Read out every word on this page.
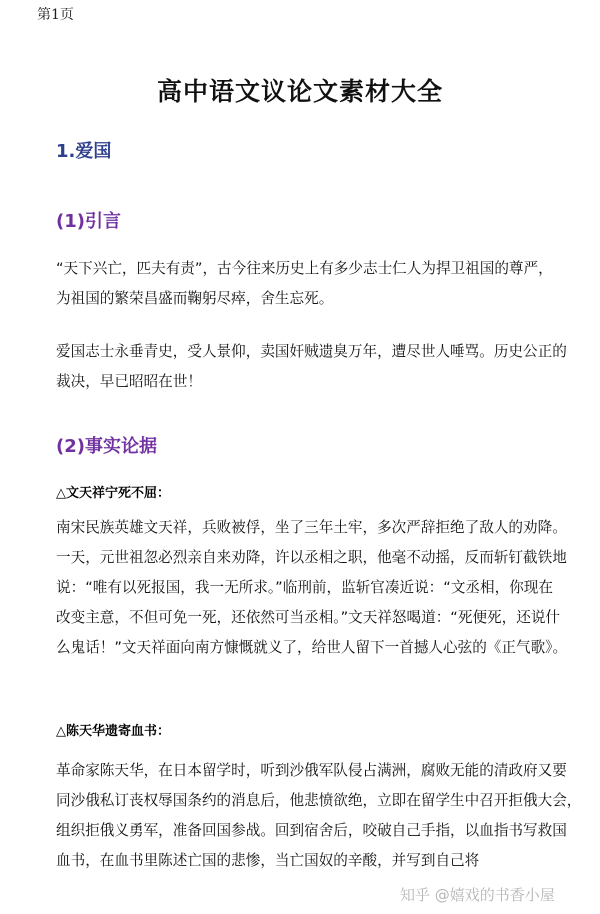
第1页
高中语文议论文素材大全
1.爱国
(1)引言
“天下兴亡，匹夫有责”，古今往来历史上有多少志士仁人为捍卫祖国的尊严，
为祖国的繁荣昌盛而鞠躬尽瘁，舍生忘死。
爱国志士永垂青史，受人景仰，卖国奸贼遗臭万年，遭尽世人唾骂。历史公正的
裁决，早已昭昭在世！
(2)事实论据
△文天祥宁死不屈：
南宋民族英雄文天祥，兵败被俘，坐了三年土牢，多次严辞拒绝了敌人的劝降。
一天，元世祖忽必烈亲自来劝降，许以丞相之职，他毫不动摇，反而斩钉截铁地
说：“唯有以死报国，我一无所求。”临刑前，监斩官凑近说：“文丞相，你现在
改变主意，不但可免一死，还依然可当丞相。”文天祥怒喝道：“死便死，还说什
么鬼话！”文天祥面向南方慷慨就义了，给世人留下一首撼人心弦的《正气歌》。
△陈天华遗寄血书：
革命家陈天华，在日本留学时，听到沙俄军队侵占满洲，腐败无能的清政府又要
同沙俄私订丧权辱国条约的消息后，他悲愤欲绝，立即在留学生中召开拒俄大会，
组织拒俄义勇军，准备回国参战。回到宿舍后，咬破自己手指，以血指书写救国
血书，在血书里陈述亡国的悲惨，当亡国奴的辛酸，并写到自己将
知乎 @嬉戏的书香小屋
